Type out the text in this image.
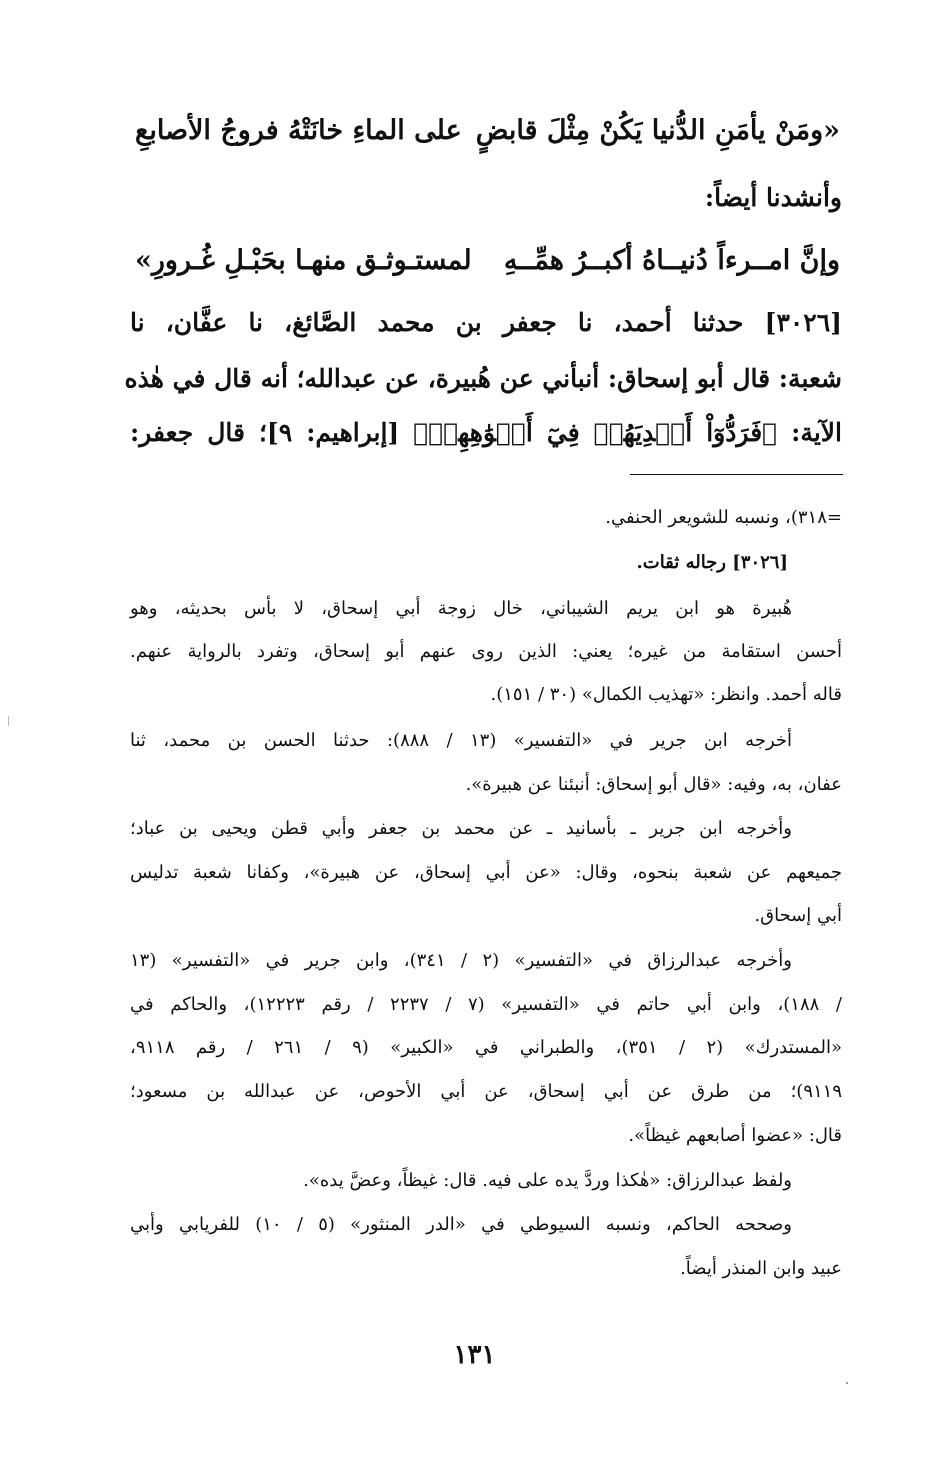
«ومَنْ يأمَنِ الدُّنيا يَكُنْ مِثْلَ قابضٍ
على الماءِ خانَتْهُ فروجُ الأصابعِ
وأنشدنا أيضاً:
وإنَّ امــرءاً دُنيــاهُ أكبــرُ همِّــهِ
لمستـوثـق منهـا بحَبْـلِ غُـرورِ»
[٣٠٢٦] حدثنا أحمد، نا جعفر بن محمد الصَّائغ، نا عفَّان، نا
شعبة: قال أبو إسحاق: أنبأني عن هُبيرة، عن عبدالله؛ أنه قال في هٰذه
الآية: ﴿فَرَدُّوٓاْ أَيۡدِيَهُمۡ فِيٓ أَفۡوَٰهِهِمۡ﴾ [إبراهيم: ٩]؛ قال جعفر:
=٣١٨)، ونسبه للشويعر الحنفي.
[٣٠٢٦] رجاله ثقات.
هُبيرة هو ابن يريم الشيباني، خال زوجة أبي إسحاق، لا بأس بحديثه، وهو
أحسن استقامة من غيره؛ يعني: الذين روى عنهم أبو إسحاق، وتفرد بالرواية عنهم.
قاله أحمد. وانظر: «تهذيب الكمال» (٣٠ / ١٥١).
أخرجه ابن جرير في «التفسير» (١٣ / ٨٨٨): حدثنا الحسن بن محمد، ثنا
عفان، به، وفيه: «قال أبو إسحاق: أنبئنا عن هبيرة».
وأخرجه ابن جرير ـ بأسانيد ـ عن محمد بن جعفر وأبي قطن ويحيى بن عباد؛
جميعهم عن شعبة بنحوه، وقال: «عن أبي إسحاق، عن هبيرة»، وكفانا شعبة تدليس
أبي إسحاق.
وأخرجه عبدالرزاق في «التفسير» (٢ / ٣٤١)، وابن جرير في «التفسير» (١٣
/ ١٨٨)، وابن أبي حاتم في «التفسير» (٧ / ٢٢٣٧ / رقم ١٢٢٢٣)، والحاكم في
«المستدرك» (٢ / ٣٥١)، والطبراني في «الكبير» (٩ / ٢٦١ / رقم ٩١١٨،
٩١١٩)؛ من طرق عن أبي إسحاق، عن أبي الأحوص، عن عبدالله بن مسعود؛
قال: «عضوا أصابعهم غيظاً».
ولفظ عبدالرزاق: «هٰكذا وردَّ يده على فيه. قال: غيظاً، وعضَّ يده».
وصححه الحاكم، ونسبه السيوطي في «الدر المنثور» (٥ / ١٠) للفريابي وأبي
عبيد وابن المنذر أيضاً.
١٣١
